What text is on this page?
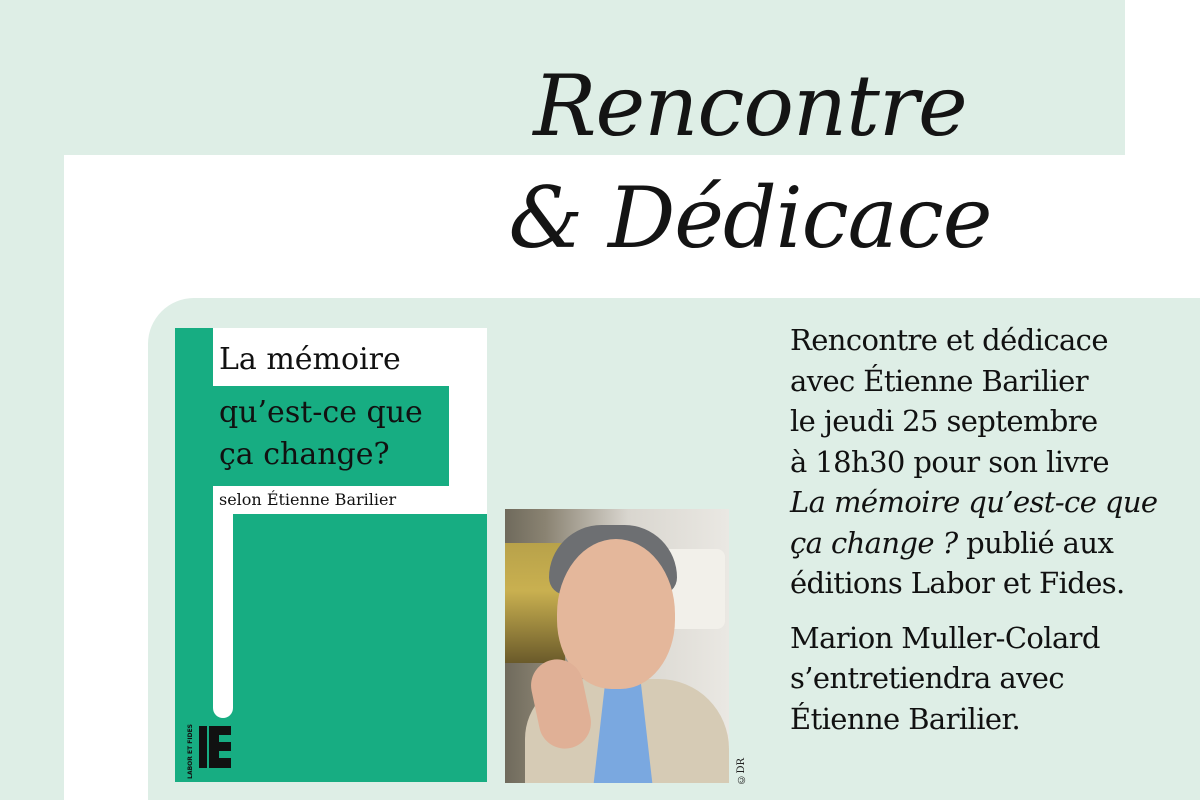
Rencontre
& Dédicace
La mémoire
qu’est-ce que
ça change?
selon Étienne Barilier
LABOR ET FIDES	©DR

Rencontre et dédicace
avec Étienne Barilier
le jeudi 25 septembre
à 18h30 pour son livre
La mémoire qu’est-ce que
ça change ? publié aux
éditions Labor et Fides.

Marion Muller-Colard
s’entretiendra avec
Étienne Barilier.
